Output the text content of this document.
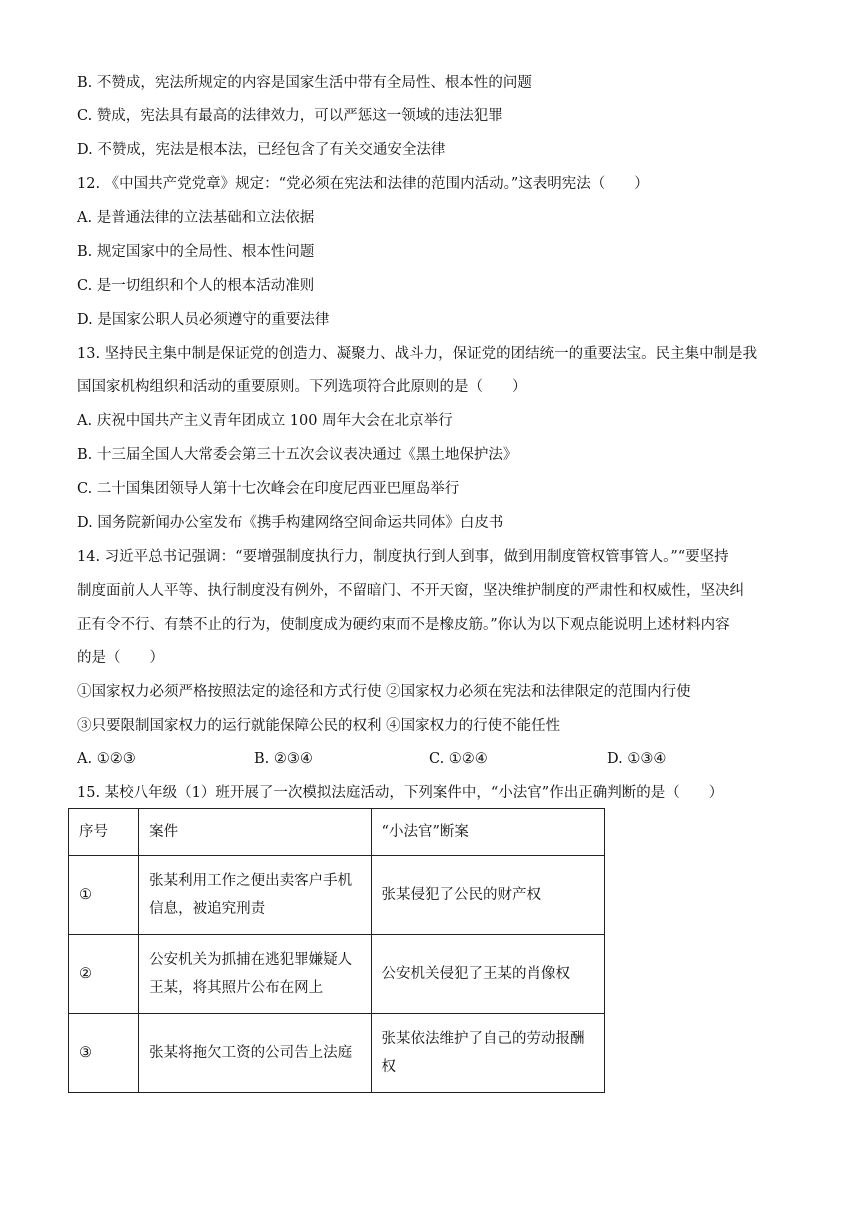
B. 不赞成，宪法所规定的内容是国家生活中带有全局性、根本性的问题
C. 赞成，宪法具有最高的法律效力，可以严惩这一领域的违法犯罪
D. 不赞成，宪法是根本法，已经包含了有关交通安全法律
12. 《中国共产党党章》规定：“党必须在宪法和法律的范围内活动。”这表明宪法（　　）
A. 是普通法律的立法基础和立法依据
B. 规定国家中的全局性、根本性问题
C. 是一切组织和个人的根本活动准则
D. 是国家公职人员必须遵守的重要法律
13. 坚持民主集中制是保证党的创造力、凝聚力、战斗力，保证党的团结统一的重要法宝。民主集中制是我
国国家机构组织和活动的重要原则。下列选项符合此原则的是（　　）
A. 庆祝中国共产主义青年团成立 100 周年大会在北京举行
B. 十三届全国人大常委会第三十五次会议表决通过《黑土地保护法》
C. 二十国集团领导人第十七次峰会在印度尼西亚巴厘岛举行
D. 国务院新闻办公室发布《携手构建网络空间命运共同体》白皮书
14. 习近平总书记强调：“要增强制度执行力，制度执行到人到事，做到用制度管权管事管人。”“要坚持
制度面前人人平等、执行制度没有例外，不留暗门、不开天窗，坚决维护制度的严肃性和权威性，坚决纠
正有令不行、有禁不止的行为，使制度成为硬约束而不是橡皮筋。”你认为以下观点能说明上述材料内容
的是（　　）
①国家权力必须严格按照法定的途径和方式行使 ②国家权力必须在宪法和法律限定的范围内行使
③只要限制国家权力的运行就能保障公民的权利 ④国家权力的行使不能任性
A. ①②③	B. ②③④	C. ①②④	D. ①③④
15. 某校八年级（1）班开展了一次模拟法庭活动，下列案件中，“小法官”作出正确判断的是（　　）
序号	案件	“小法官”断案
①	张某利用工作之便出卖客户手机信息，被追究刑责	张某侵犯了公民的财产权
②	公安机关为抓捕在逃犯罪嫌疑人王某，将其照片公布在网上	公安机关侵犯了王某的肖像权
③	张某将拖欠工资的公司告上法庭	张某依法维护了自己的劳动报酬权
